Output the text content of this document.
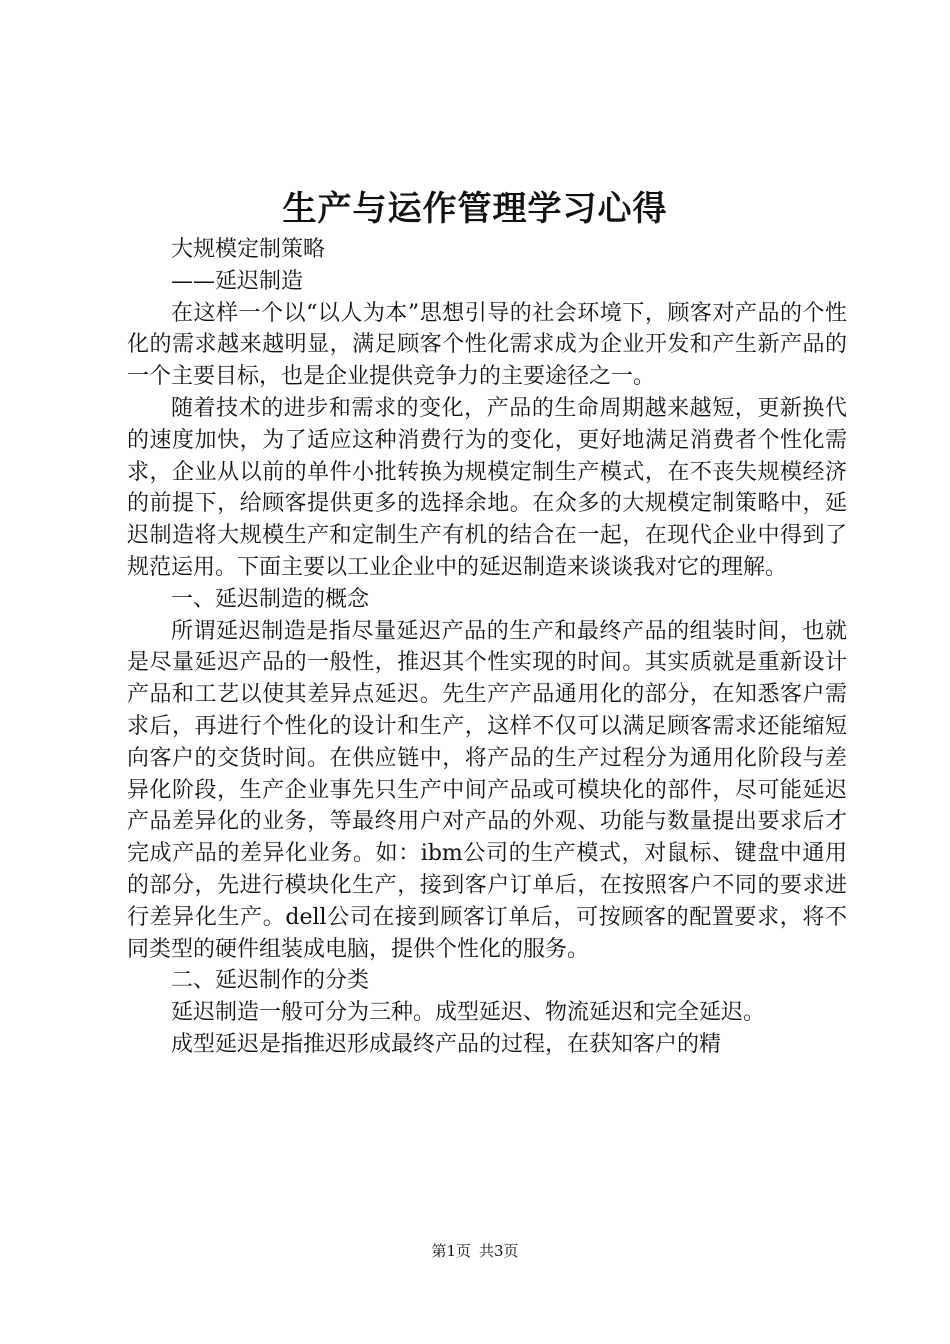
生产与运作管理学习心得

大规模定制策略

——延迟制造

在这样一个以“以人为本”思想引导的社会环境下，顾客对产品的个性化的需求越来越明显，满足顾客个性化需求成为企业开发和产生新产品的一个主要目标，也是企业提供竞争力的主要途径之一。

随着技术的进步和需求的变化，产品的生命周期越来越短，更新换代的速度加快，为了适应这种消费行为的变化，更好地满足消费者个性化需求，企业从以前的单件小批转换为规模定制生产模式，在不丧失规模经济的前提下，给顾客提供更多的选择余地。在众多的大规模定制策略中，延迟制造将大规模生产和定制生产有机的结合在一起，在现代企业中得到了规范运用。下面主要以工业企业中的延迟制造来谈谈我对它的理解。

一、延迟制造的概念

所谓延迟制造是指尽量延迟产品的生产和最终产品的组装时间，也就是尽量延迟产品的一般性，推迟其个性实现的时间。其实质就是重新设计产品和工艺以使其差异点延迟。先生产产品通用化的部分，在知悉客户需求后，再进行个性化的设计和生产，这样不仅可以满足顾客需求还能缩短向客户的交货时间。在供应链中，将产品的生产过程分为通用化阶段与差异化阶段，生产企业事先只生产中间产品或可模块化的部件，尽可能延迟产品差异化的业务，等最终用户对产品的外观、功能与数量提出要求后才完成产品的差异化业务。如：ibm公司的生产模式，对鼠标、键盘中通用的部分，先进行模块化生产，接到客户订单后，在按照客户不同的要求进行差异化生产。dell公司在接到顾客订单后，可按顾客的配置要求，将不同类型的硬件组装成电脑，提供个性化的服务。

二、延迟制作的分类

延迟制造一般可分为三种。成型延迟、物流延迟和完全延迟。

成型延迟是指推迟形成最终产品的过程，在获知客户的精

第1页 共3页
